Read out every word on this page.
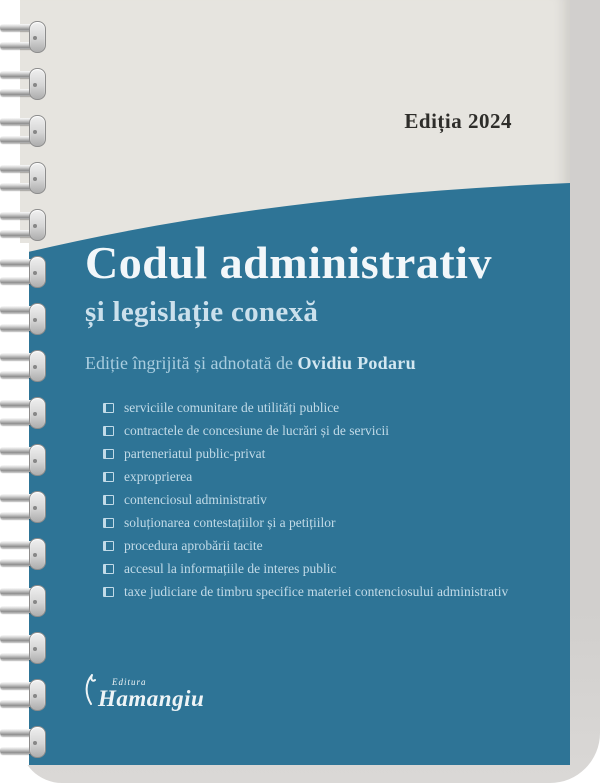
Ediția 2024
Codul administrativ
și legislație conexă
Ediție îngrijită și adnotată de Ovidiu Podaru
serviciile comunitare de utilități publice
contractele de concesiune de lucrări și de servicii
parteneriatul public-privat
exproprierea
contenciosul administrativ
soluționarea contestațiilor și a petițiilor
procedura aprobării tacite
accesul la informațiile de interes public
taxe judiciare de timbru specifice materiei contenciosului administrativ
Editura
Hamangiu
